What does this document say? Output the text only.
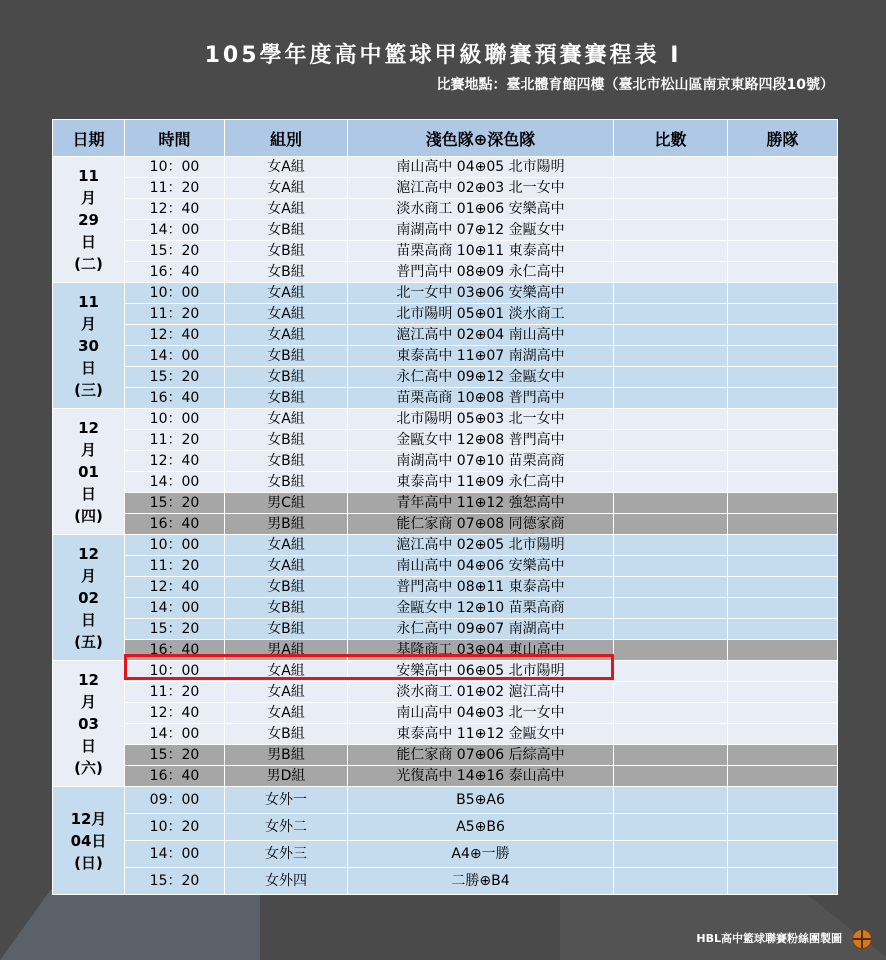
105學年度高中籃球甲級聯賽預賽賽程表 I
比賽地點：臺北體育館四樓（臺北市松山區南京東路四段10號）
日期	時間	組別	淺色隊⊕深色隊	比數	勝隊

11
月
29
日
(二)	10：00	女A組	南山高中 04⊕05 北市陽明		
	11：20	女A組	滬江高中 02⊕03 北一女中		
	12：40	女A組	淡水商工 01⊕06 安樂高中		
	14：00	女B組	南湖高中 07⊕12 金甌女中		
	15：20	女B組	苗栗高商 10⊕11 東泰高中		
	16：40	女B組	普門高中 08⊕09 永仁高中		

11
月
30
日
(三)	10：00	女A組	北一女中 03⊕06 安樂高中		
	11：20	女A組	北市陽明 05⊕01 淡水商工		
	12：40	女A組	滬江高中 02⊕04 南山高中		
	14：00	女B組	東泰高中 11⊕07 南湖高中		
	15：20	女B組	永仁高中 09⊕12 金甌女中		
	16：40	女B組	苗栗高商 10⊕08 普門高中		

12
月
01
日
(四)	10：00	女A組	北市陽明 05⊕03 北一女中		
	11：20	女B組	金甌女中 12⊕08 普門高中		
	12：40	女B組	南湖高中 07⊕10 苗栗高商		
	14：00	女B組	東泰高中 11⊕09 永仁高中		
	15：20	男C組	青年高中 11⊕12 強恕高中		
	16：40	男B組	能仁家商 07⊕08 同德家商		

12
月
02
日
(五)	10：00	女A組	滬江高中 02⊕05 北市陽明		
	11：20	女A組	南山高中 04⊕06 安樂高中		
	12：40	女B組	普門高中 08⊕11 東泰高中		
	14：00	女B組	金甌女中 12⊕10 苗栗高商		
	15：20	女B組	永仁高中 09⊕07 南湖高中		
	16：40	男A組	基隆商工 03⊕04 東山高中		

12
月
03
日
(六)	10：00	女A組	安樂高中 06⊕05 北市陽明		
	11：20	女A組	淡水商工 01⊕02 滬江高中		
	12：40	女A組	南山高中 04⊕03 北一女中		
	14：00	女B組	東泰高中 11⊕12 金甌女中		
	15：20	男B組	能仁家商 07⊕06 后綜高中		
	16：40	男D組	光復高中 14⊕16 泰山高中		

12月
04日
(日)	09：00	女外一	B5⊕A6		
	10：20	女外二	A5⊕B6		
	14：00	女外三	A4⊕一勝		
	15：20	女外四	二勝⊕B4		
HBL高中籃球聯賽粉絲團製圖
